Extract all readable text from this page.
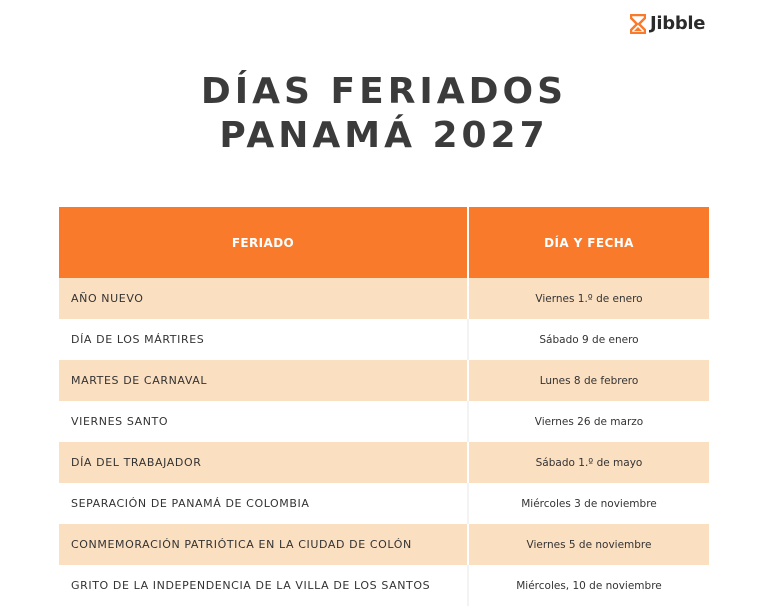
Jibble
DÍAS FERIADOS
PANAMÁ 2027
FERIADO	DÍA Y FECHA
AÑO NUEVO	Viernes 1.º de enero
DÍA DE LOS MÁRTIRES	Sábado 9 de enero
MARTES DE CARNAVAL	Lunes 8 de febrero
VIERNES SANTO	Viernes 26 de marzo
DÍA DEL TRABAJADOR	Sábado 1.º de mayo
SEPARACIÓN DE PANAMÁ DE COLOMBIA	Miércoles 3 de noviembre
CONMEMORACIÓN PATRIÓTICA EN LA CIUDAD DE COLÓN	Viernes 5 de noviembre
GRITO DE LA INDEPENDENCIA DE LA VILLA DE LOS SANTOS	Miércoles, 10 de noviembre
